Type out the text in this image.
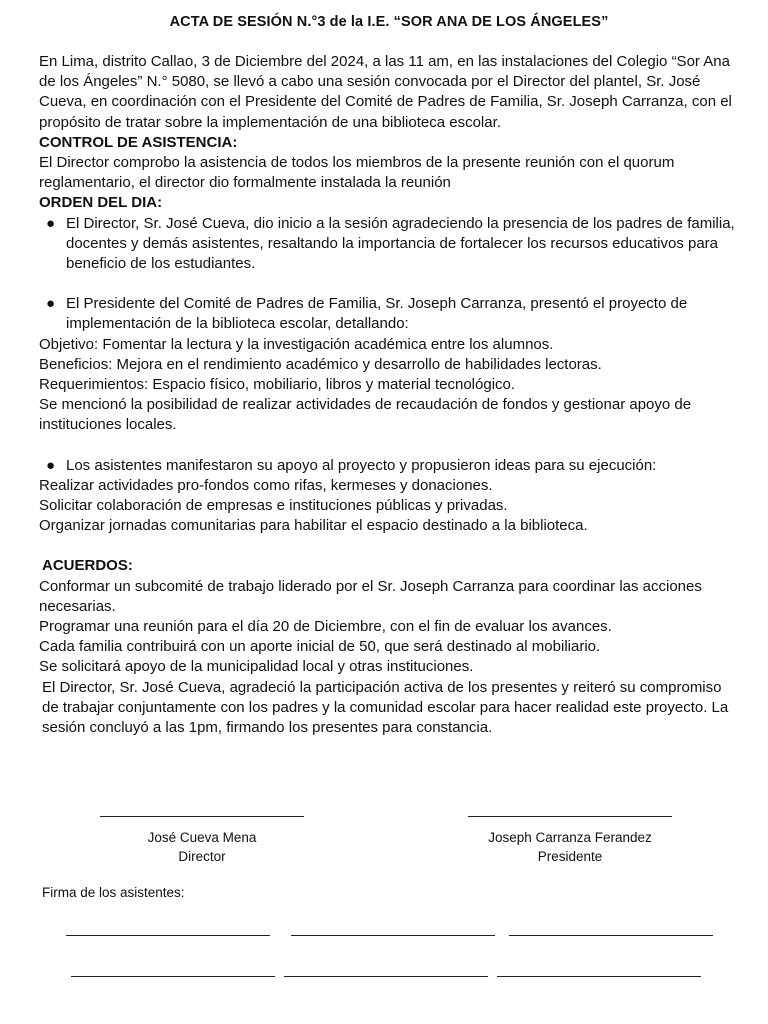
ACTA DE SESIÓN N.°3 de la I.E. “SOR ANA DE LOS ÁNGELES”

En Lima, distrito Callao, 3 de Diciembre del 2024, a las 11 am, en las instalaciones del Colegio “Sor Ana de los Ángeles” N.° 5080, se llevó a cabo una sesión convocada por el Director del plantel, Sr. José Cueva, en coordinación con el Presidente del Comité de Padres de Familia, Sr. Joseph Carranza, con el propósito de tratar sobre la implementación de una biblioteca escolar.

CONTROL DE ASISTENCIA:

El Director comprobo la asistencia de todos los miembros de la presente reunión con el quorum reglamentario, el director dio formalmente instalada la reunión

ORDEN DEL DIA:

● El Director, Sr. José Cueva, dio inicio a la sesión agradeciendo la presencia de los padres de familia, docentes y demás asistentes, resaltando la importancia de fortalecer los recursos educativos para beneficio de los estudiantes.
● El Presidente del Comité de Padres de Familia, Sr. Joseph Carranza, presentó el proyecto de implementación de la biblioteca escolar, detallando:

Objetivo: Fomentar la lectura y la investigación académica entre los alumnos.

Beneficios: Mejora en el rendimiento académico y desarrollo de habilidades lectoras.

Requerimientos: Espacio físico, mobiliario, libros y material tecnológico.

Se mencionó la posibilidad de realizar actividades de recaudación de fondos y gestionar apoyo de instituciones locales.

● Los asistentes manifestaron su apoyo al proyecto y propusieron ideas para su ejecución:

Realizar actividades pro-fondos como rifas, kermeses y donaciones.

Solicitar colaboración de empresas e instituciones públicas y privadas.

Organizar jornadas comunitarias para habilitar el espacio destinado a la biblioteca.

ACUERDOS:

Conformar un subcomité de trabajo liderado por el Sr. Joseph Carranza para coordinar las acciones necesarias.

Programar una reunión para el día 20 de Diciembre, con el fin de evaluar los avances.

Cada familia contribuirá con un aporte inicial de 50, que será destinado al mobiliario.

Se solicitará apoyo de la municipalidad local y otras instituciones.

El Director, Sr. José Cueva, agradeció la participación activa de los presentes y reiteró su compromiso de trabajar conjuntamente con los padres y la comunidad escolar para hacer realidad este proyecto. La sesión concluyó a las 1pm, firmando los presentes para constancia.

José Cueva Mena
Director
Joseph Carranza Ferandez
Presidente
Firma de los asistentes:
